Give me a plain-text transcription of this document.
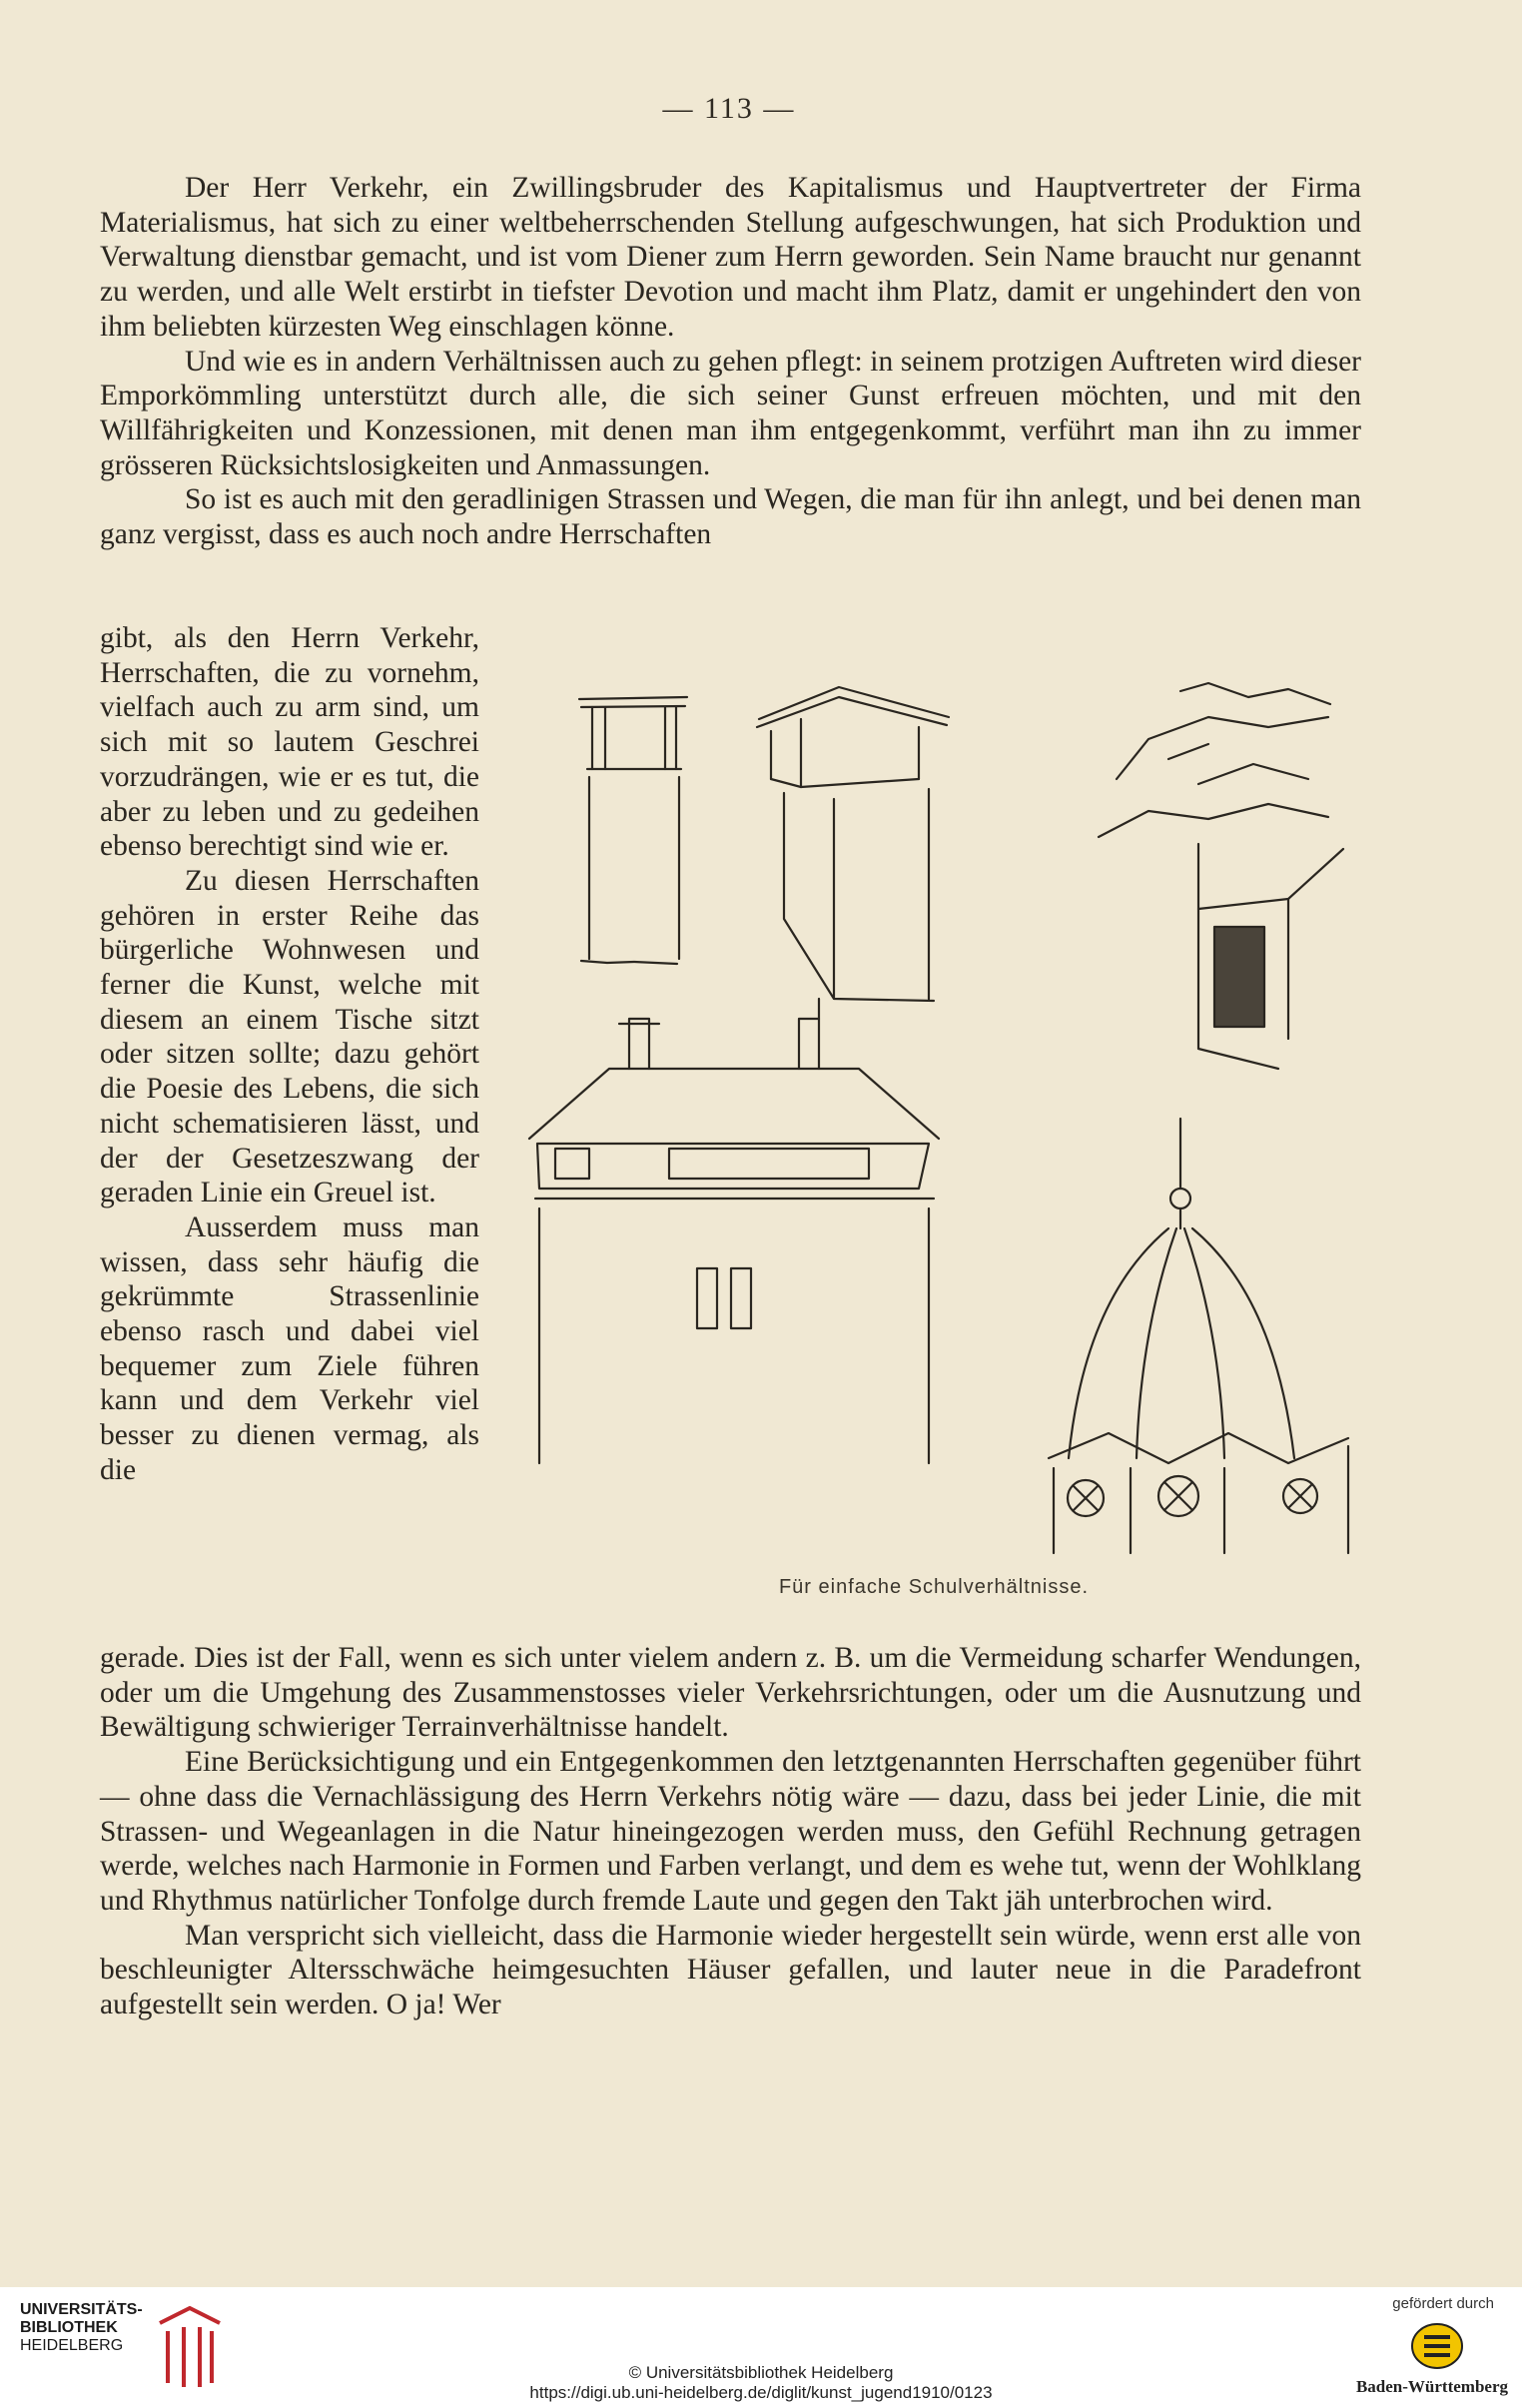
— 113 —

Der Herr Verkehr, ein Zwillingsbruder des Kapitalismus und Hauptvertreter der Firma Materialismus, hat sich zu einer weltbeherrschenden Stellung aufgeschwungen, hat sich Produktion und Verwaltung dienstbar gemacht, und ist vom Diener zum Herrn geworden. Sein Name braucht nur genannt zu werden, und alle Welt erstirbt in tiefster Devotion und macht ihm Platz, damit er ungehindert den von ihm beliebten kürzesten Weg einschlagen könne.

Und wie es in andern Verhältnissen auch zu gehen pflegt: in seinem protzigen Auftreten wird dieser Emporkömmling unterstützt durch alle, die sich seiner Gunst erfreuen möchten, und mit den Willfährigkeiten und Konzessionen, mit denen man ihm entgegenkommt, verführt man ihn zu immer grösseren Rücksichtslosigkeiten und Anmassungen.

So ist es auch mit den geradlinigen Strassen und Wegen, die man für ihn anlegt, und bei denen man ganz vergisst, dass es auch noch andre Herrschaften

gibt, als den Herrn Verkehr, Herrschaften, die zu vornehm, vielfach auch zu arm sind, um sich mit so lautem Geschrei vorzudrängen, wie er es tut, die aber zu leben und zu gedeihen ebenso berechtigt sind wie er.

Zu diesen Herrschaften gehören in erster Reihe das bürgerliche Wohnwesen und ferner die Kunst, welche mit diesem an einem Tische sitzt oder sitzen sollte; dazu gehört die Poesie des Lebens, die sich nicht schematisieren lässt, und der der Gesetzeszwang der geraden Linie ein Greuel ist.

Ausserdem muss man wissen, dass sehr häufig die gekrümmte Strassenlinie ebenso rasch und dabei viel bequemer zum Ziele führen kann und dem Verkehr viel besser zu dienen vermag, als die

Für einfache Schulverhältnisse.

gerade. Dies ist der Fall, wenn es sich unter vielem andern z. B. um die Vermeidung scharfer Wendungen, oder um die Umgehung des Zusammenstosses vieler Verkehrsrichtungen, oder um die Ausnutzung und Bewältigung schwieriger Terrainverhältnisse handelt.

Eine Berücksichtigung und ein Entgegenkommen den letztgenannten Herrschaften gegenüber führt — ohne dass die Vernachlässigung des Herrn Verkehrs nötig wäre — dazu, dass bei jeder Linie, die mit Strassen- und Wegeanlagen in die Natur hineingezogen werden muss, den Gefühl Rechnung getragen werde, welches nach Harmonie in Formen und Farben verlangt, und dem es wehe tut, wenn der Wohlklang und Rhythmus natürlicher Tonfolge durch fremde Laute und gegen den Takt jäh unterbrochen wird.

Man verspricht sich vielleicht, dass die Harmonie wieder hergestellt sein würde, wenn erst alle von beschleunigter Altersschwäche heimgesuchten Häuser gefallen, und lauter neue in die Paradefront aufgestellt sein werden. O ja! Wer

UNIVERSITÄTS-
BIBLIOTHEK
HEIDELBERG
© Universitätsbibliothek Heidelberg
https://digi.ub.uni-heidelberg.de/diglit/kunst_jugend1910/0123
gefördert durch
Baden-Württemberg
